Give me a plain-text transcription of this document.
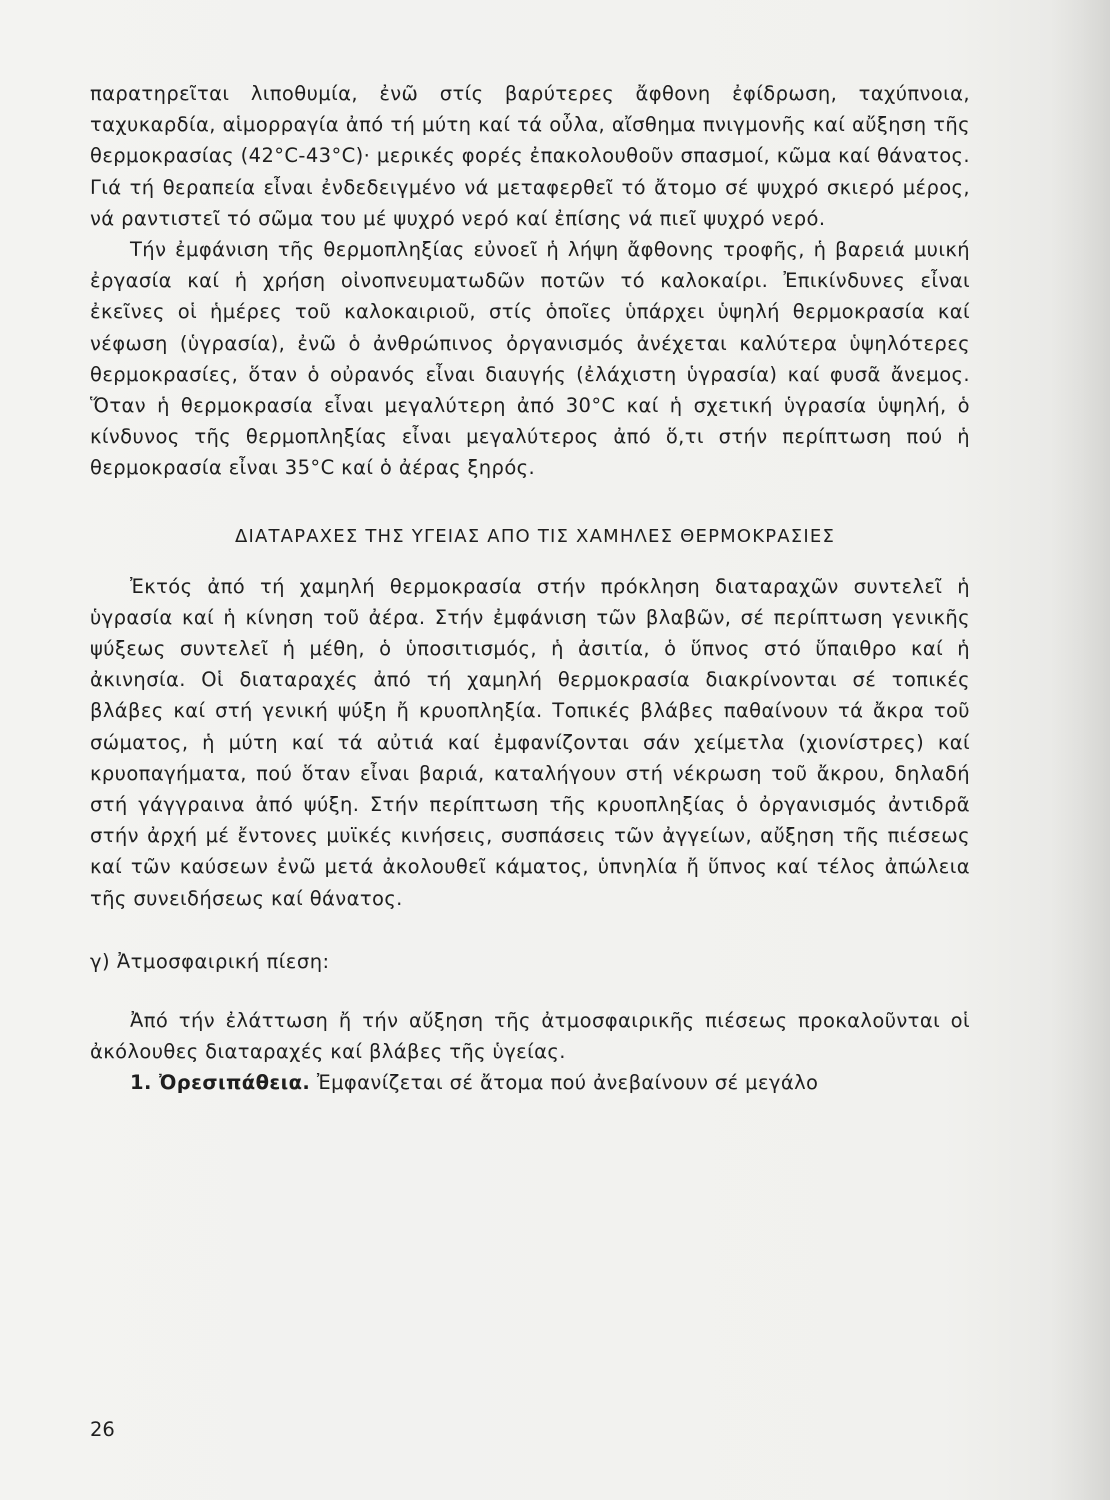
παρατηρεῖται λιποθυμία, ἐνῶ στίς βαρύτερες ἄφθονη ἐφίδρωση, ταχύπνοια, ταχυκαρδία, αἱμορραγία ἀπό τή μύτη καί τά οὖλα, αἴσθημα πνιγμονῆς καί αὔξηση τῆς θερμοκρασίας (42°C-43°C)· μερικές φορές ἐπακολουθοῦν σπασμοί, κῶμα καί θάνατος. Γιά τή θεραπεία εἶναι ἐνδεδειγμένο νά μεταφερθεῖ τό ἄτομο σέ ψυχρό σκιερό μέρος, νά ραντιστεῖ τό σῶμα του μέ ψυχρό νερό καί ἐπίσης νά πιεῖ ψυχρό νερό.

Τήν ἐμφάνιση τῆς θερμοπληξίας εὐνοεῖ ἡ λήψη ἄφθονης τροφῆς, ἡ βαρειά μυική ἐργασία καί ἡ χρήση οἰνοπνευματωδῶν ποτῶν τό καλοκαίρι. Ἐπικίνδυνες εἶναι ἐκεῖνες οἱ ἡμέρες τοῦ καλοκαιριοῦ, στίς ὁποῖες ὑπάρχει ὑψηλή θερμοκρασία καί νέφωση (ὑγρασία), ἐνῶ ὁ ἀνθρώπινος ὀργανισμός ἀνέχεται καλύτερα ὑψηλότερες θερμοκρασίες, ὅταν ὁ οὐρανός εἶναι διαυγής (ἐλάχιστη ὑγρασία) καί φυσᾶ ἄνεμος. Ὅταν ἡ θερμοκρασία εἶναι μεγαλύτερη ἀπό 30°C καί ἡ σχετική ὑγρασία ὑψηλή, ὁ κίνδυνος τῆς θερμοπληξίας εἶναι μεγαλύτερος ἀπό ὅ,τι στήν περίπτωση πού ἡ θερμοκρασία εἶναι 35°C καί ὁ ἀέρας ξηρός.

ΔΙΑΤΑΡΑΧΕΣ ΤΗΣ ΥΓΕΙΑΣ ΑΠΟ ΤΙΣ ΧΑΜΗΛΕΣ ΘΕΡΜΟΚΡΑΣΙΕΣ

Ἐκτός ἀπό τή χαμηλή θερμοκρασία στήν πρόκληση διαταραχῶν συντελεῖ ἡ ὑγρασία καί ἡ κίνηση τοῦ ἀέρα. Στήν ἐμφάνιση τῶν βλαβῶν, σέ περίπτωση γενικῆς ψύξεως συντελεῖ ἡ μέθη, ὁ ὑποσιτισμός, ἡ ἀσιτία, ὁ ὕπνος στό ὕπαιθρο καί ἡ ἀκινησία. Οἱ διαταραχές ἀπό τή χαμηλή θερμοκρασία διακρίνονται σέ τοπικές βλάβες καί στή γενική ψύξη ἤ κρυοπληξία. Τοπικές βλάβες παθαίνουν τά ἄκρα τοῦ σώματος, ἡ μύτη καί τά αὐτιά καί ἐμφανίζονται σάν χείμετλα (χιονίστρες) καί κρυοπαγήματα, πού ὅταν εἶναι βαριά, καταλήγουν στή νέκρωση τοῦ ἄκρου, δηλαδή στή γάγγραινα ἀπό ψύξη. Στήν περίπτωση τῆς κρυοπληξίας ὁ ὀργανισμός ἀντιδρᾶ στήν ἀρχή μέ ἔντονες μυϊκές κινήσεις, συσπάσεις τῶν ἀγγείων, αὔξηση τῆς πιέσεως καί τῶν καύσεων ἐνῶ μετά ἀκολουθεῖ κάματος, ὑπνηλία ἤ ὕπνος καί τέλος ἀπώλεια τῆς συνειδήσεως καί θάνατος.

γ) Ἀτμοσφαιρική πίεση:

Ἀπό τήν ἐλάττωση ἤ τήν αὔξηση τῆς ἀτμοσφαιρικῆς πιέσεως προκαλοῦνται οἱ ἀκόλουθες διαταραχές καί βλάβες τῆς ὑγείας.

1. Ὀρεσιπάθεια. Ἐμφανίζεται σέ ἄτομα πού ἀνεβαίνουν σέ μεγάλο

26
